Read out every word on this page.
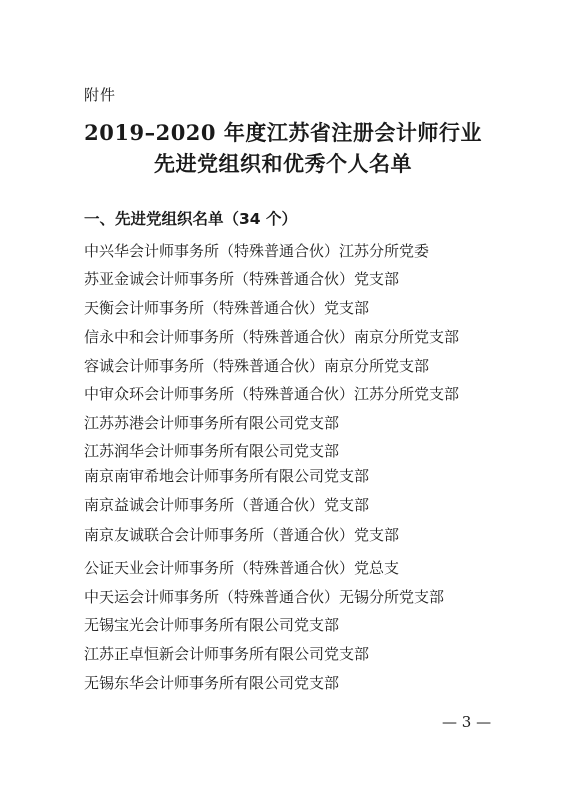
附件
2019–2020 年度江苏省注册会计师行业
先进党组织和优秀个人名单
一、先进党组织名单（34 个）
中兴华会计师事务所（特殊普通合伙）江苏分所党委
苏亚金诚会计师事务所（特殊普通合伙）党支部
天衡会计师事务所（特殊普通合伙）党支部
信永中和会计师事务所（特殊普通合伙）南京分所党支部
容诚会计师事务所（特殊普通合伙）南京分所党支部
中审众环会计师事务所（特殊普通合伙）江苏分所党支部
江苏苏港会计师事务所有限公司党支部
江苏润华会计师事务所有限公司党支部
南京南审希地会计师事务所有限公司党支部
南京益诚会计师事务所（普通合伙）党支部
南京友诚联合会计师事务所（普通合伙）党支部
公证天业会计师事务所（特殊普通合伙）党总支
中天运会计师事务所（特殊普通合伙）无锡分所党支部
无锡宝光会计师事务所有限公司党支部
江苏正卓恒新会计师事务所有限公司党支部
无锡东华会计师事务所有限公司党支部
— 3 —
